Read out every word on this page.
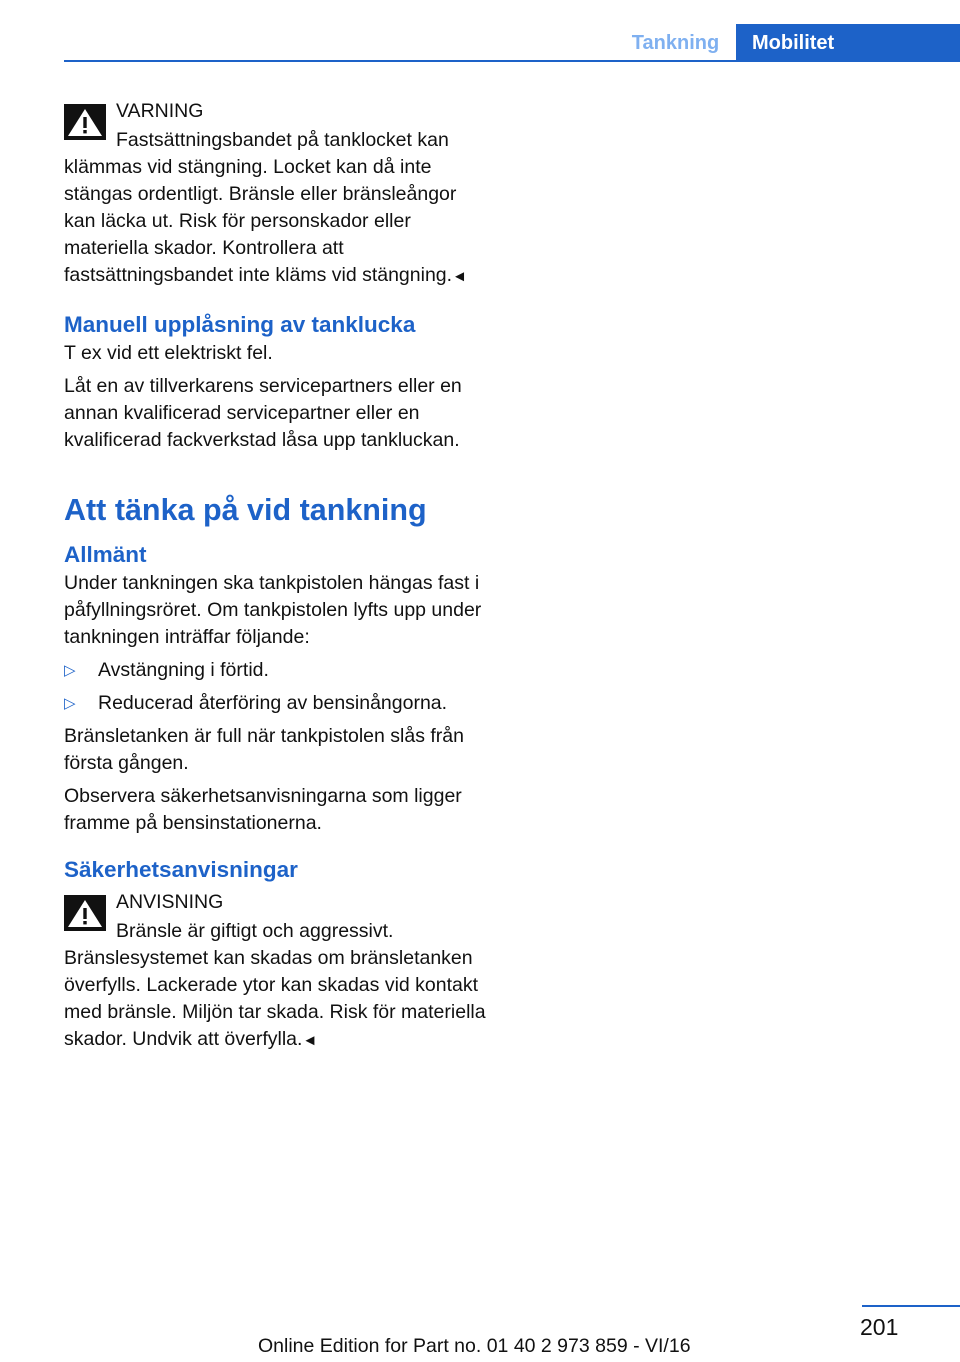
Tankning	Mobilitet
VARNING
Fastsättningsbandet på tanklocket kan klämmas vid stängning. Locket kan då inte stängas ordentligt. Bränsle eller bränsleångor kan läcka ut. Risk för personskador eller materiella skador. Kontrollera att fastsättningsbandet inte kläms vid stängning.◄
Manuell upplåsning av tanklucka

T ex vid ett elektriskt fel.

Låt en av tillverkarens servicepartners eller en annan kvalificerad servicepartner eller en kvalificerad fackverkstad låsa upp tankluckan.

Att tänka på vid tankning
Allmänt

Under tankningen ska tankpistolen hängas fast i påfyllningsröret. Om tankpistolen lyfts upp under tankningen inträffar följande:

▷ Avstängning i förtid.
▷ Reducerad återföring av bensinångorna.

Bränsletanken är full när tankpistolen slås från första gången.

Observera säkerhetsanvisningarna som ligger framme på bensinstationerna.

Säkerhetsanvisningar
ANVISNING
Bränsle är giftigt och aggressivt. Bränslesystemet kan skadas om bränsletanken överfylls. Lackerade ytor kan skadas vid kontakt med bränsle. Miljön tar skada. Risk för materiella skador. Undvik att överfylla.◄
201
Online Edition for Part no. 01 40 2 973 859 - VI/16
